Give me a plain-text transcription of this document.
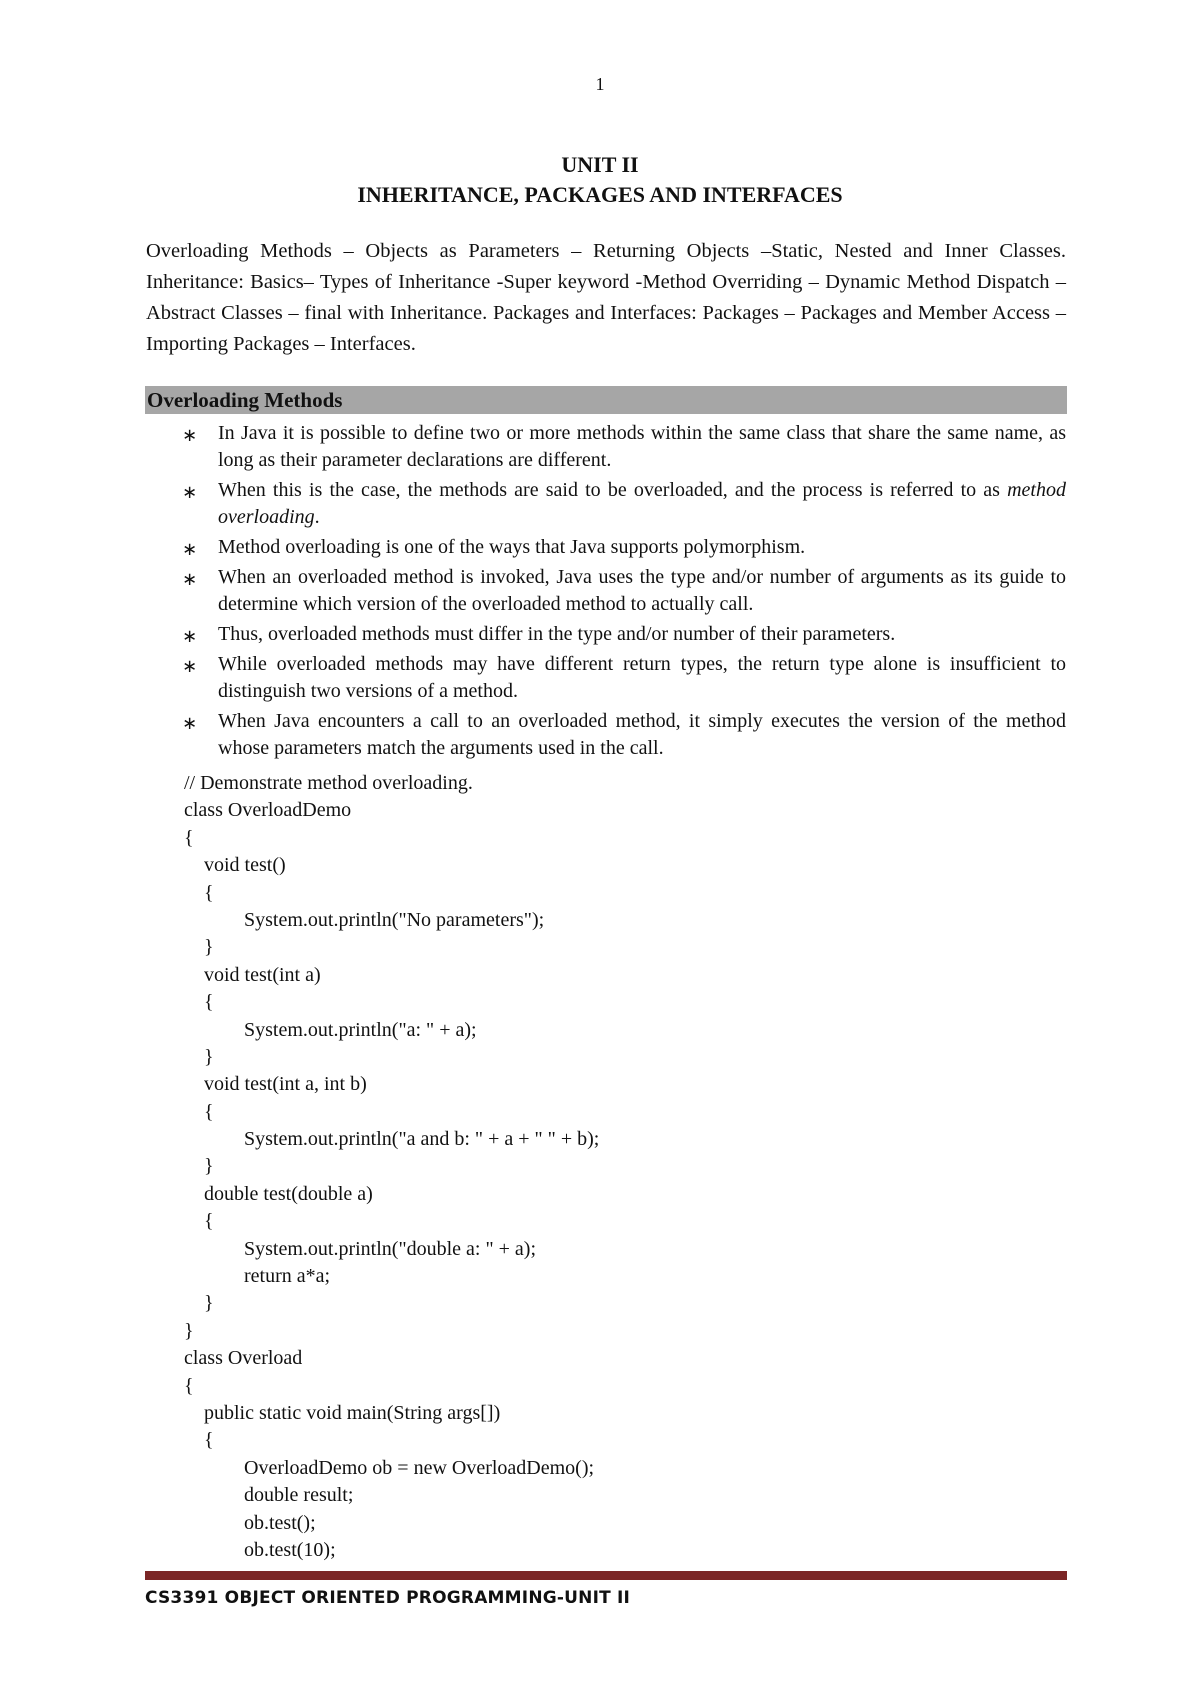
1
UNIT II
INHERITANCE, PACKAGES AND INTERFACES
Overloading Methods – Objects as Parameters – Returning Objects –Static, Nested and Inner Classes. Inheritance: Basics– Types of Inheritance -Super keyword -Method Overriding – Dynamic Method Dispatch –Abstract Classes – final with Inheritance. Packages and Interfaces: Packages – Packages and Member Access –Importing Packages – Interfaces.
Overloading Methods
∗ In Java it is possible to define two or more methods within the same class that share the same name, as long as their parameter declarations are different.
∗ When this is the case, the methods are said to be overloaded, and the process is referred to as method overloading.
∗ Method overloading is one of the ways that Java supports polymorphism.
∗ When an overloaded method is invoked, Java uses the type and/or number of arguments as its guide to determine which version of the overloaded method to actually call.
∗ Thus, overloaded methods must differ in the type and/or number of their parameters.
∗ While overloaded methods may have different return types, the return type alone is insufficient to distinguish two versions of a method.
∗ When Java encounters a call to an overloaded method, it simply executes the version of the method whose parameters match the arguments used in the call.
// Demonstrate method overloading.
class OverloadDemo
{
void test()
{
System.out.println("No parameters");
}
void test(int a)
{
System.out.println("a: " + a);
}
void test(int a, int b)
{
System.out.println("a and b: " + a + " " + b);
}
double test(double a)
{
System.out.println("double a: " + a);
return a*a;
}
}
class Overload
{
public static void main(String args[])
{
OverloadDemo ob = new OverloadDemo();
double result;
ob.test();
ob.test(10);
CS3391 OBJECT ORIENTED PROGRAMMING-UNIT II
